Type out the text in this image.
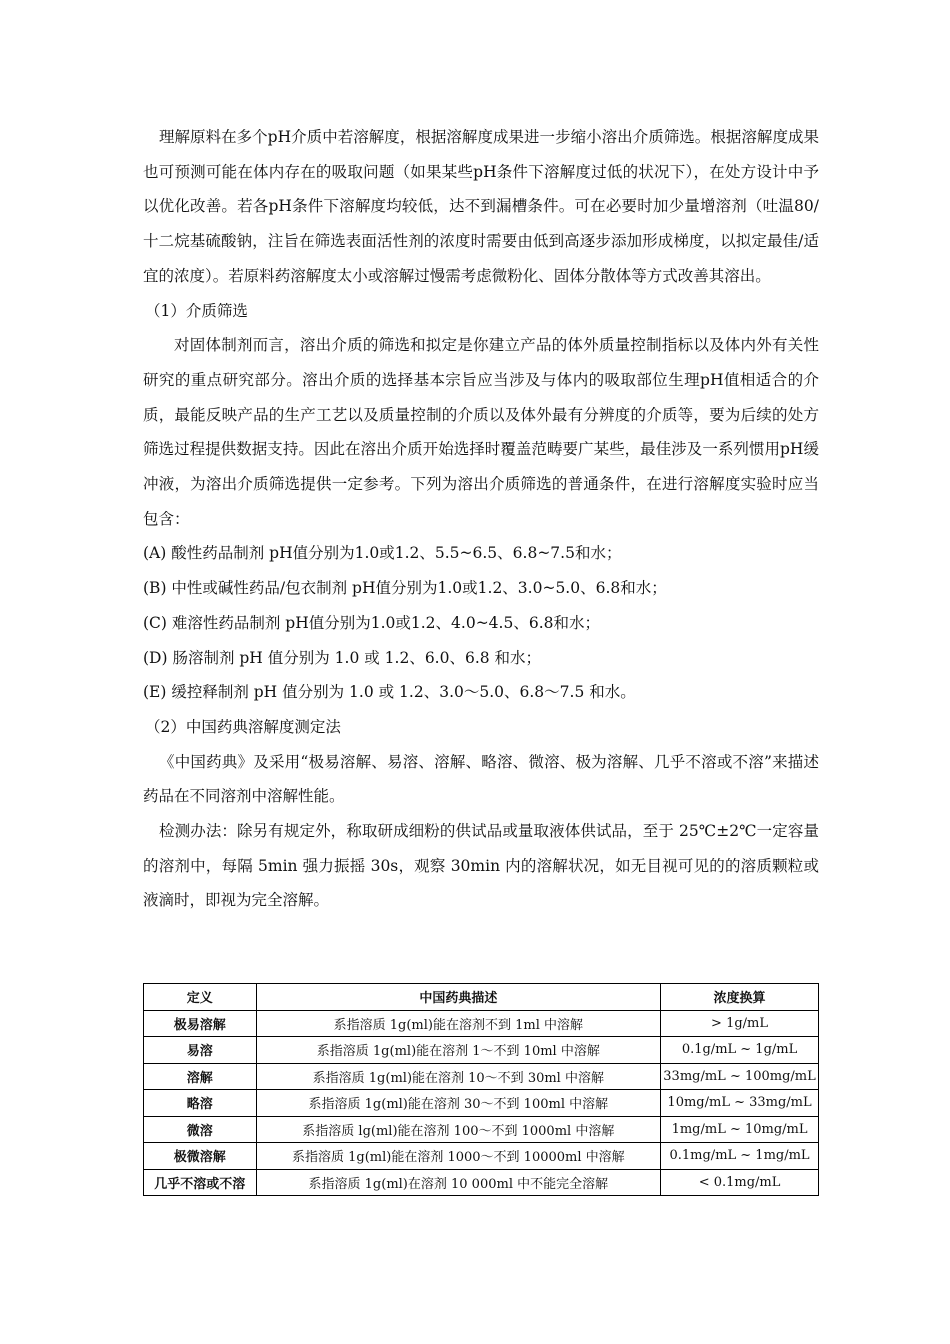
理解原料在多个pH介质中若溶解度，根据溶解度成果进一步缩小溶出介质筛选。根据溶解度成果也可预测可能在体内存在的吸取问题（如果某些pH条件下溶解度过低的状况下），在处方设计中予以优化改善。若各pH条件下溶解度均较低，达不到漏槽条件。可在必要时加少量增溶剂（吐温80/十二烷基硫酸钠，注旨在筛选表面活性剂的浓度时需要由低到高逐步添加形成梯度，以拟定最佳/适宜的浓度）。若原料药溶解度太小或溶解过慢需考虑微粉化、固体分散体等方式改善其溶出。

（1）介质筛选

对固体制剂而言，溶出介质的筛选和拟定是你建立产品的体外质量控制指标以及体内外有关性研究的重点研究部分。溶出介质的选择基本宗旨应当涉及与体内的吸取部位生理pH值相适合的介质，最能反映产品的生产工艺以及质量控制的介质以及体外最有分辨度的介质等，要为后续的处方筛选过程提供数据支持。因此在溶出介质开始选择时覆盖范畴要广某些，最佳涉及一系列惯用pH缓冲液，为溶出介质筛选提供一定参考。下列为溶出介质筛选的普通条件，在进行溶解度实验时应当包含：

(A) 酸性药品制剂 pH值分别为1.0或1.2、5.5~6.5、6.8~7.5和水；

(B) 中性或碱性药品/包衣制剂 pH值分别为1.0或1.2、3.0~5.0、6.8和水；

(C) 难溶性药品制剂 pH值分别为1.0或1.2、4.0~4.5、6.8和水；

(D) 肠溶制剂 pH 值分别为 1.0 或 1.2、6.0、6.8 和水；

(E) 缓控释制剂 pH 值分别为 1.0 或 1.2、3.0～5.0、6.8～7.5 和水。

（2）中国药典溶解度测定法

《中国药典》及采用“极易溶解、易溶、溶解、略溶、微溶、极为溶解、几乎不溶或不溶”来描述药品在不同溶剂中溶解性能。

检测办法：除另有规定外，称取研成细粉的供试品或量取液体供试品，至于 25℃±2℃一定容量的溶剂中，每隔 5min 强力振摇 30s，观察 30min 内的溶解状况，如无目视可见的的溶质颗粒或液滴时，即视为完全溶解。

定义	中国药典描述	浓度换算
极易溶解	系指溶质 1g(ml)能在溶剂不到 1ml 中溶解	> 1g/mL
易溶	系指溶质 1g(ml)能在溶剂 1～不到 10ml 中溶解	0.1g/mL ~ 1g/mL
溶解	系指溶质 1g(ml)能在溶剂 10～不到 30ml 中溶解	33mg/mL ~ 100mg/mL
略溶	系指溶质 1g(ml)能在溶剂 30～不到 100ml 中溶解	10mg/mL ~ 33mg/mL
微溶	系指溶质 lg(ml)能在溶剂 100～不到 1000ml 中溶解	1mg/mL ~ 10mg/mL
极微溶解	系指溶质 1g(ml)能在溶剂 1000～不到 10000ml 中溶解	0.1mg/mL ~ 1mg/mL
几乎不溶或不溶	系指溶质 1g(ml)在溶剂 10 000ml 中不能完全溶解	< 0.1mg/mL
